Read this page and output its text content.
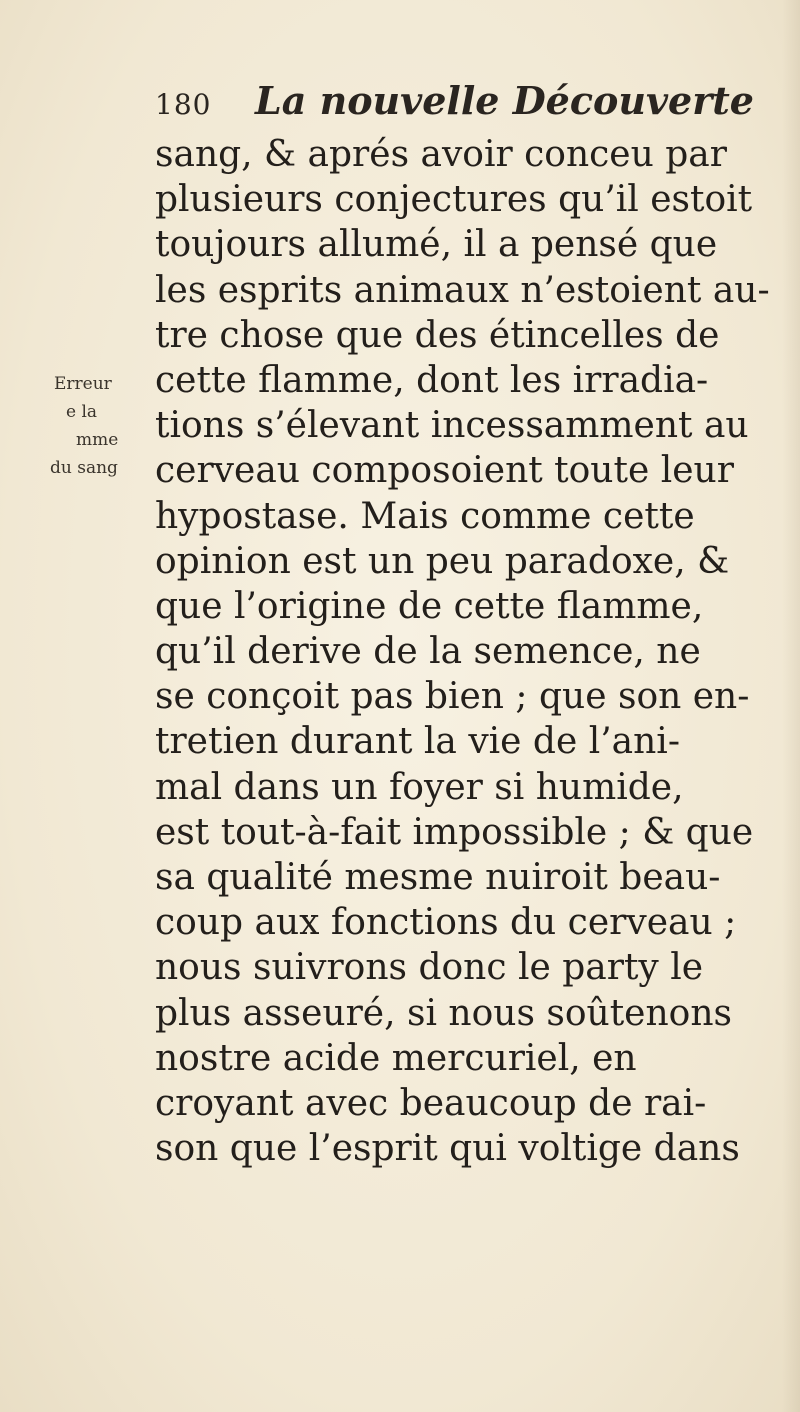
180 La nouvelle Découverte
Erreur
e la
mme
du sang
sang, & aprés avoir conceu par
plusieurs conjectures qu’il estoit
toujours allumé, il a pensé que
les esprits animaux n’estoient au-
tre chose que des étincelles de
cette flamme, dont les irradia-
tions s’élevant incessamment au
cerveau composoient toute leur
hypostase. Mais comme cette
opinion est un peu paradoxe, &
que l’origine de cette flamme,
qu’il derive de la semence, ne
se conçoit pas bien ; que son en-
tretien durant la vie de l’ani-
mal dans un foyer si humide,
est tout-à-fait impossible ; & que
sa qualité mesme nuiroit beau-
coup aux fonctions du cerveau ;
nous suivrons donc le party le
plus asseuré, si nous soûtenons
nostre acide mercuriel, en
croyant avec beaucoup de rai-
son que l’esprit qui voltige dans
